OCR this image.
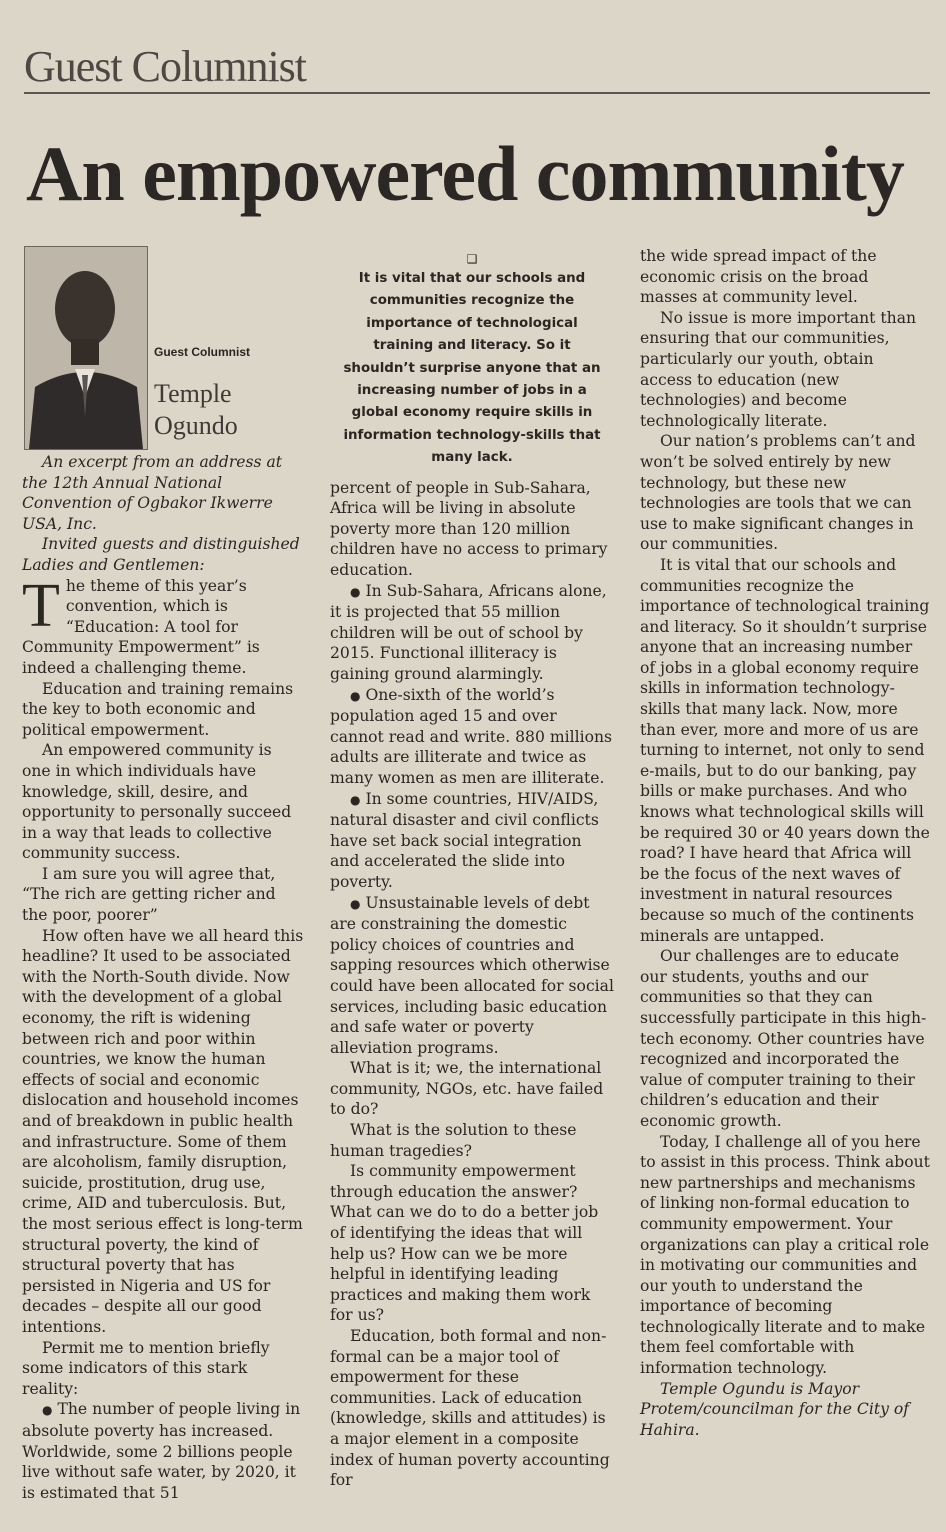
Guest Columnist
An empowered community
Guest Columnist
Temple
Ogundo

An excerpt from an address at the 12th Annual National Convention of Ogbakor Ikwerre USA, Inc.

Invited guests and distinguished Ladies and Gentlemen:

The theme of this year’s convention, which is “Education: A tool for Community Empowerment” is indeed a challenging theme.

Education and training remains the key to both economic and political empowerment.

An empowered community is one in which individuals have knowledge, skill, desire, and opportunity to personally succeed in a way that leads to collective community success.

I am sure you will agree that, “The rich are getting richer and the poor, poorer”

How often have we all heard this headline? It used to be associated with the North-South divide. Now with the development of a global economy, the rift is widening between rich and poor within countries, we know the human effects of social and economic dislocation and household incomes and of breakdown in public health and infrastructure. Some of them are alcoholism, family disruption, suicide, prostitution, drug use, crime, AID and tuberculosis. But, the most serious effect is long-term structural poverty, the kind of structural poverty that has persisted in Nigeria and US for decades – despite all our good intentions.

Permit me to mention briefly some indicators of this stark reality:

● The number of people living in absolute poverty has increased. Worldwide, some 2 billions people live without safe water, by 2020, it is estimated that 51

❑
It is vital that our schools and communities recognize the importance of technological training and literacy. So it shouldn’t surprise anyone that an increasing number of jobs in a global economy require skills in information technology-skills that many lack.

percent of people in Sub-Sahara, Africa will be living in absolute poverty more than 120 million children have no access to primary education.

● In Sub-Sahara, Africans alone, it is projected that 55 million children will be out of school by 2015. Functional illiteracy is gaining ground alarmingly.

● One-sixth of the world’s population aged 15 and over cannot read and write. 880 millions adults are illiterate and twice as many women as men are illiterate.

● In some countries, HIV/AIDS, natural disaster and civil conflicts have set back social integration and accelerated the slide into poverty.

● Unsustainable levels of debt are constraining the domestic policy choices of countries and sapping resources which otherwise could have been allocated for social services, including basic education and safe water or poverty alleviation programs.

What is it; we, the international community, NGOs, etc. have failed to do?

What is the solution to these human tragedies?

Is community empowerment through education the answer? What can we do to do a better job of identifying the ideas that will help us? How can we be more helpful in identifying leading practices and making them work for us?

Education, both formal and non-formal can be a major tool of empowerment for these communities. Lack of education (knowledge, skills and attitudes) is a major element in a composite index of human poverty accounting for

the wide spread impact of the economic crisis on the broad masses at community level.

No issue is more important than ensuring that our communities, particularly our youth, obtain access to education (new technologies) and become technologically literate.

Our nation’s problems can’t and won’t be solved entirely by new technology, but these new technologies are tools that we can use to make significant changes in our communities.

It is vital that our schools and communities recognize the importance of technological training and literacy. So it shouldn’t surprise anyone that an increasing number of jobs in a global economy require skills in information technology-skills that many lack. Now, more than ever, more and more of us are turning to internet, not only to send e-mails, but to do our banking, pay bills or make purchases. And who knows what technological skills will be required 30 or 40 years down the road? I have heard that Africa will be the focus of the next waves of investment in natural resources because so much of the continents minerals are untapped.

Our challenges are to educate our students, youths and our communities so that they can successfully participate in this high-tech economy. Other countries have recognized and incorporated the value of computer training to their children’s education and their economic growth.

Today, I challenge all of you here to assist in this process. Think about new partnerships and mechanisms of linking non-formal education to community empowerment. Your organizations can play a critical role in motivating our communities and our youth to understand the importance of becoming technologically literate and to make them feel comfortable with information technology.

Temple Ogundu is Mayor Protem/councilman for the City of Hahira.
